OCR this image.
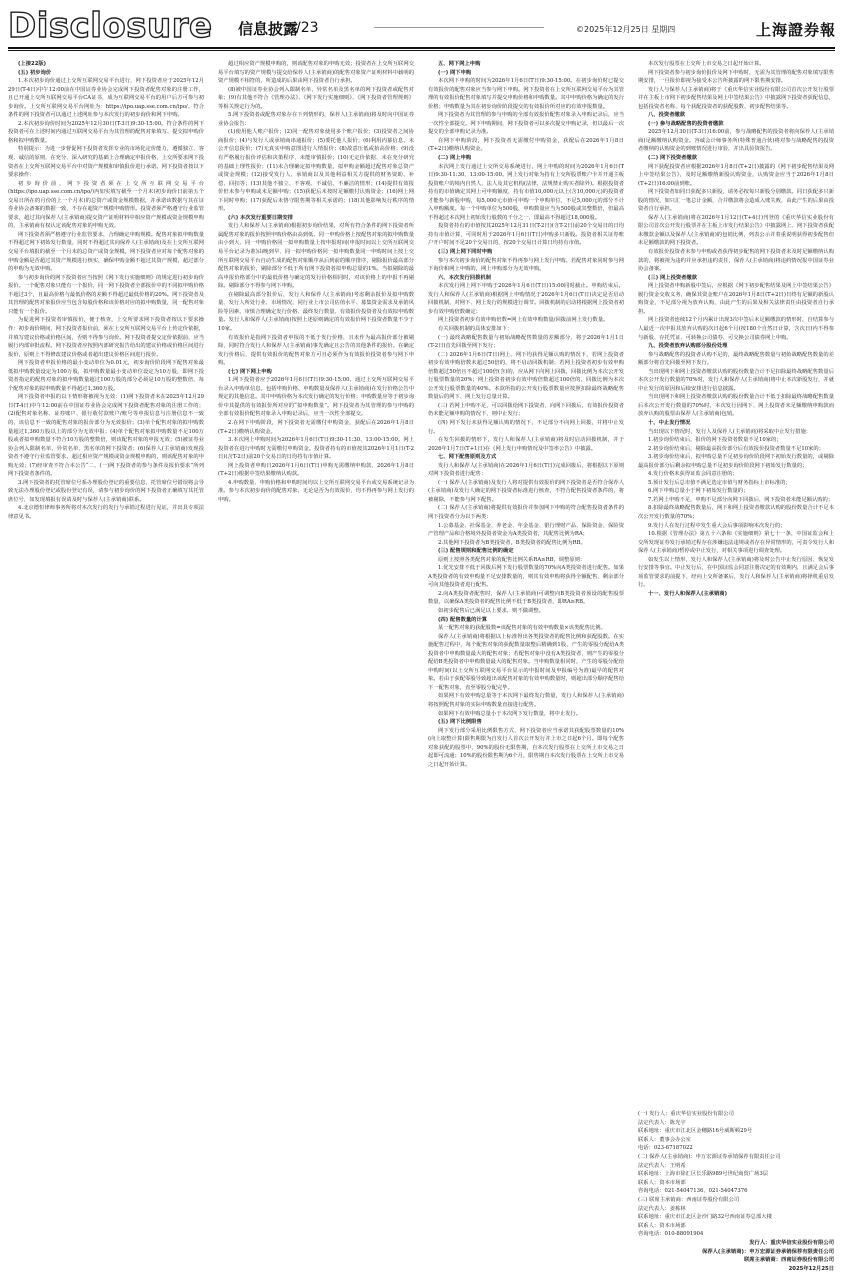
Disclosure 信息披露
/23	©2025年12月25日 星期四	上海證券報

(上接22版)

(五) 初步询价

1.本次初步询价通过上交所互联网交易平台进行，网下投资者应于2025年12月29日(T-4日)中午12:00前在中国证券业协会完成网下投资者配售对象的注册工作，且已开通上交所互联网交易平台CA证书，成为互联网交易平台的用户后方可参与初步询价。上交所互联网交易平台网址为：https://ipo.uap.sse.com.cn/ipo/。符合条件的网下投资者可以通过上述网址参与本次发行的初步询价和网下申购。

2.本次初步询价时间为2025年12月30日(T-3日)9:30-15:00。符合条件的网下投资者可在上述时间内通过互联网交易平台为其管理的配售对象填写、提交拟申购价格和拟申购数量。

特别提示：为进一步督促网下投资者发挥专业的市场化定价能力，遵循独立、客观、诚信的原则，在充分、深入研究的基础上合理确定申报价格，上交所要求网下投资者在上交所互联网交易平台中对资产规模和审慎报价进行承诺。网下投资者按以下要求操作：

初步询价前，网下投资者须在上交所互联网交易平台(https://ipo.uap.sse.com.cn/ipo/)内如实填写截至一个月末(初步询价日前第五个交易日所在的月份的上一个月末)的总资产或资金规模数据，并承诺该数据与其在证券业协会备案的数据一致，不存在超资产规模申购情形。投资者须严格遵守行业监管要求，超过其向保荐人(主承销商)提交资产证明材料中相应资产规模或资金规模申购的，主承销商有权认定该配售对象的申购无效。

网下投资者须严格遵守行业监管要求，合理确定申购规模。配售对象拟申购数量不得超过网下初始发行数量，同时不得超过其向保荐人(主承销商)及在上交所互联网交易平台填报的截至一个月末的总资产或资金规模。网下投资者应对每个配售对象的申购金额是否超过其资产规模进行核实，确保申购金额不超过其资产规模，超过部分的申购为无效申购。

参与初步询价的网下投资者应当按照《网下发行实施细则》的规定进行初步询价报价。一个配售对象只能有一个报价，同一网下投资者全部报价中的不同拟申购价格不超过3个，且最高价格与最低价格的差额不得超过最低价格的20%。网下投资者及其管理的配售对象报价应当包含每股价格和该价格对应的拟申购数量，同一配售对象只能有一个报价。

为促进网下投资者审慎报价，便于核查，上交所要求网下投资者按以下要求操作：初步询价期间，网下投资者报价前，须在上交所互联网交易平台上传定价依据，并填写建议价格或价格区间，否则不得参与询价。网下投资者提交定价依据前，应当履行内部审批流程。网下投资者应按照内部研究报告给出的建议价格或价格区间进行报价，原则上不得修改建议价格或者超出建议价格区间进行报价。

网下投资者申报价格的最小变动单位为0.01元，初步询价阶段网下配售对象最低拟申购数量设定为100万股，拟申购数量最小变动单位设定为10万股，即网下投资者指定的配售对象的拟申购数量超过100万股的部分必须是10万股的整数倍，每个配售对象的拟申购数量不得超过1,360万股。

网下投资者申报的以下情形将被视为无效：(1)网下投资者未在2025年12月29日(T-4日)中午12:00前在中国证券业协会完成网下投资者配售对象的注册工作的；(2)配售对象名称、证券账户、银行收付款账户/账号等申报信息与注册信息不一致的，该信息不一致的配售对象的报价部分为无效报价；(3)单个配售对象的拟申购数量超过1,360万股以上的部分为无效申报；(4)单个配售对象拟申购数量不足100万股或者拟申购数量不符合10万股的整数倍，则该配售对象的申报无效；(5)被证券业协会列入限制名单、异常名单、黑名单的网下投资者；(6)保荐人(主承销商)发现投资者不遵守行业监管要求、超过相应资产规模或资金规模申购的，则该配售对象的申购无效；(7)经审查不符合本公告“二、(一)网下投资者的参与条件及报价要求”所列网下投资者条件的。

3.网下投资者的托管席位号系办理股份登记的重要信息，托管席位号错误将会导致无法办理股份登记或股份登记有误，请参与初步询价的网下投资者正确填写其托管席位号，如发现填报有误请及时与保荐人(主承销商)联系。

4.北京德恒律师事务所将对本次发行的发行与承销过程进行见证，并出具专项法律意见书。

超过相应资产规模申购的，则该配售对象的申购无效；投资者在上交所互联网交易平台填写的资产规模与提交给保荐人(主承销商)的配售对象资产证明材料中载明的资产规模不相符的，所造成的后果由网下投资者自行承担。

(8)被中国证券业协会列入限制名单、异常名单及黑名单的网下投资者或配售对象；(9)有其他不符合《管理办法》、《网下发行实施细则》、《网下投资者管理规则》等相关规定行为的。

5.网下投资者或配售对象存在下列情形的，保荐人(主承销商)将及时向中国证券业协会报告：

(1)使用他人账户报价；(2)同一配售对象使用多个账户报价；(3)投资者之间协商报价；(4)与发行人或承销商串通报价；(5)委托他人报价；(6)利用内幕信息、未公开信息报价；(7)无真实申购意图进行人情报价；(8)故意压低或抬高价格；(9)没有严格履行报价评估和决策程序、未能审慎报价；(10)无定价依据、未在充分研究的基础上理性报价；(11)未合理确定拟申购数量，拟申购金额超过配售对象总资产或资金规模；(12)接受发行人、承销商以及其他利益相关方提供的财务资助、补偿、回扣等；(13)其他不独立、不客观、不诚信、不廉洁的情形；(14)提供有效报价但未参与申购或未足额申购；(15)获配后未按时足额缴付认购资金；(16)网上网下同时申购；(17)获配后未恪守限售期等相关承诺的；(18)其他影响发行秩序的情形。

(六) 本次发行重要日期安排

发行人和保荐人(主承销商)根据初步询价结果，对所有符合条件的网下投资者所属配售对象的报价按照申购价格由高到低、同一申购价格上按配售对象的拟申购数量由小到大、同一申购价格同一拟申购数量上按申报时间(申报时间以上交所互联网交易平台记录为准)由晚到早、同一拟申购价格同一拟申购数量同一申购时间上按上交所互联网交易平台自动生成的配售对象顺序从后到前的顺序排序，剔除报价最高部分配售对象的报价，剔除部分不低于所有网下投资者拟申购总量的1%。当拟剔除的最高申报价格部分中的最低价格与确定的发行价格相同时，对该价格上的申报不再剔除。剔除部分不得参与网下申购。

在剔除最高部分报价后，发行人和保荐人(主承销商)考虑剩余报价及拟申购数量、发行人所处行业、市场情况、同行业上市公司估值水平、募集资金需求及承销风险等因素，审慎合理确定发行价格、最终发行数量、有效报价投资者及有效拟申购数量。发行人和保荐人(主承销商)按照上述原则确定的有效报价网下投资者数量不少于10家。

有效报价是指网下投资者申报的不低于发行价格，且未作为最高报价部分被剔除，同时符合发行人和保荐人(主承销商)事先确定且公告的其他条件的报价。在确定发行价格后，提供有效报价的配售对象方可且必须作为有效报价投资者参与网下申购。

(七) 网下网上申购

1.网下投资者应于2026年1月6日(T日)9:30-15:00，通过上交所互联网交易平台录入申购单信息，包括申购价格、申购数量及保荐人(主承销商)在发行价格公告中规定的其他信息。其中申购价格为本次发行确定的发行价格；申购数量应等于初步询价中其提供的有效报价所对应的“拟申购数量”。网下投资者为其管理的参与申购的全部有效报价配售对象录入申购记录后，应当一次性全部提交。

2.在网下申购阶段，网下投资者无需缴付申购资金，获配后在2026年1月8日(T+2日)缴纳认购资金。

3.本次网上申购时间为2026年1月6日(T日)9:30-11:30、13:00-15:00。网上投资者在进行申购时无需缴付申购资金。投资者持有的市值按其2026年1月1日(T-2日)(含T-2日)前20个交易日的日均持有市值计算。

网上投资者申购日2026年1月6日(T日)申购无需缴纳申购款，2026年1月8日(T+2日)根据中签结果缴纳认购款。

4.申购数量、申购价格和申购时间均以上交所互联网交易平台或交易系统记录为准。参与本次初步询价的配售对象，无论是否为有效报价，均不得再参与网上发行的申购。

五、网下网上申购

(一) 网下申购

本次网下申购的时间为2026年1月6日(T日)9:30-15:00。在初步询价时已提交有效报价的配售对象应当参与网下申购。网下投资者在上交所互联网交易平台为其管理的有效报价配售对象填写并提交申购价格和申购数量。其中申购价格为确定的发行价格；申购数量为其在初步询价阶段提交的有效报价所对应的有效申报数量。

网下投资者为其管理的参与申购的全部有效报价配售对象录入申购记录后，应当一次性全部提交。网下申购期间，网下投资者可以多次提交申购记录，但以最后一次提交的全部申购记录为准。

在网下申购阶段，网下投资者无需缴付申购资金，获配后在2026年1月8日(T+2日)缴纳认购资金。

(二) 网上申购

本次网上发行通过上交所交易系统进行，网上申购的时间为2026年1月6日(T日)9:30-11:30、13:00-15:00。网上发行对象为持有上交所股票账户卡并开通主板投资账户的境内自然人、法人及其它机构(法律、法规禁止购买者除外)。根据投资者持有的市值确定其网上可申购额度，持有市值10,000元以上(含10,000元)的投资者才能参与新股申购，每5,000元市值可申购一个申购单位，不足5,000元的部分不计入申购额度。每一个申购单位为500股，申购数量应当为500股或其整数倍，但最高不得超过本次网上初始发行股数的千分之一，即最高不得超过18,000股。

投资者持有的市值按其2025年12月31日(T-2日)(含T-2日)前20个交易日的日均持有市值计算，可同时用于2026年1月6日(T日)申购多只新股。投资者相关证券账户开户时间不足20个交易日的，按20个交易日计算日均持有市值。

(三) 网上网下同时申购

参与本次初步询价的配售对象不得再参与网上发行申购。若配售对象同时参与网下询价和网上申购的，网上申购部分为无效申购。

六、本次发行回拨机制

本次发行网上网下申购于2026年1月6日(T日)15:00同时截止。申购结束后，发行人和保荐人(主承销商)根据网上申购情况于2026年1月6日(T日)决定是否启动回拨机制，对网下、网上发行的规模进行调节。回拨机制的启动将根据网上投资者初步有效申购倍数确定：

网上投资者初步有效申购倍数=网上有效申购数量/回拨前网上发行数量。

有关回拨机制的具体安排如下：

(一) 最终战略配售数量与初始战略配售数量的差额部分，将于2026年1月1日(T-2日)首先回拨至网下发行；

(二) 2026年1月6日(T日)网上、网下均获得足额认购的情况下，若网上投资者初步有效申购倍数未超过50倍的，将不启动回拨机制；若网上投资者初步有效申购倍数超过50倍且不超过100倍(含)的，应从网下向网上回拨，回拨比例为本次公开发行股票数量的20%；网上投资者初步有效申购倍数超过100倍的，回拨比例为本次公开发行股票数量的40%。本款所指的公开发行股票数量应按照扣除最终战略配售数量后的网下、网上发行总量计算。

(三) 若网上申购不足，可以回拨给网下投资者，向网下回拨后，有效报价投资者仍未能足额申购的情况下，则中止发行；

(四) 网下发行未获得足额认购的情况下，不足部分不向网上回拨，并将中止发行。

在发生回拨的情形下，发行人和保荐人(主承销商)将及时启动回拨机制，并于2026年1月7日(T+1日)在《网上发行申购情况及中签率公告》中披露。

七、网下配售原则及方式

发行人和保荐人(主承销商)在2026年1月6日(T日)完成回拨后，将根据以下原则对网下投资者进行配售：

(一) 保荐人(主承销商)及发行人将对提供有效报价的网下投资者是否符合保荐人(主承销商)及发行人确定的网下投资者标准进行核查，不符合配售投资者条件的，将被剔除，不能参与网下配售。

(二) 保荐人(主承销商)将提供有效报价并参加网下申购的符合配售投资者条件的网下投资者分为以下两类：

1.公募基金、社保基金、养老金、年金基金、银行理财产品、保险资金、保险资产管理产品和合格境外投资者资金为A类投资者，其配售比例为RA；

2.其他网下投资者为B类投资者，B类投资者的配售比例为RB。

(三) 配售规则和配售比例的确定

原则上按照各类配售对象的配售比例关系RA≥RB，调整原则：

1.优先安排不低于回拨后网下发行股票数量的70%向A类投资者进行配售。如果A类投资者的有效申购量不足安排数量的，则其有效申购将获得全额配售，剩余部分可向其他投资者进行配售。

2.向A类投资者配售时，保荐人(主承销商)可调整向B类投资者预设的配售股票数量，以确保A类投资者的配售比例不低于B类投资者，即RA≥RB。

如初步配售后已满足以上要求，则不做调整。

(四) 配售数量的计算

某一配售对象的获配股数=该配售对象的有效申购数量×该类配售比例。

保荐人(主承销商)将根据以上标准得出各类投资者的配售比例和获配股数。在实施配售过程中，每个配售对象的获配数量取整后精确到1股，产生的零股分配给A类投资者中申购数量最大的配售对象；若配售对象中没有A类投资者，则产生的零股分配给B类投资者中申购数量最大的配售对象。当申购数量相同时，产生的零股分配给申购时间(以上交所互联网交易平台显示的申报时间及申报编号为准)最早的配售对象。若由于获配零股导致超出该配售对象的有效申购数量时，则超出部分顺序配售给下一配售对象，直至零股分配完毕。

如果网下有效申购总量等于本次网下最终发行数量，发行人和保荐人(主承销商)将按照配售对象的实际申购数量直接进行配售。

如果网下有效申购总量小于本次网下发行数量，将中止发行。

(五) 网下比例限售

网下发行部分采用比例限售方式，网下投资者应当承诺其获配股票数量的10%(向上取整计算)限售期限为自发行人首次公开发行并上市之日起6个月。即每个配售对象获配的股票中，90%的股份无限售期，自本次发行股票在上交所上市交易之日起即可流通；10%的股份限售期为6个月，限售期自本次发行股票在上交所上市交易之日起开始计算。

本次发行股票在上交所上市交易之日起开始计算。

网下投资者参与初步询价报价及网下申购时，无需为其管理的配售对象填写限售期安排，一旦报价即视为接受本公告所披露的网下限售期安排。

发行人与保荐人(主承销商)将于《重庆华信实业股份有限公司首次公开发行股票并在主板上市网下初步配售结果及网上中签结果公告》中披露网下投资者获配信息，包括投资者名称、每个获配投资者的获配股数、初步配售结果等。

八、投资者缴款

(一) 参与战略配售的投资者缴款

2025年12月30日(T-3日)16:00前，参与战略配售的投资者将向保荐人(主承销商)足额缴纳认购资金。容诚会计师事务所(特殊普通合伙)将对参与战略配售的投资者缴纳的认购资金的到账情况进行审验，并出具验资报告。

(二) 网下投资者缴款

网下获配投资者应根据2026年1月8日(T+2日)披露的《网下初步配售结果及网上中签结果公告》，及时足额缴纳新股认购资金，认购资金应当于2026年1月8日(T+2日)16:00前到账。

网下投资者如同日获配多只新股，请务必按每只新股分别缴款。同日获配多只新股的情况，如只汇一笔总计金额，合并缴款将会造成入账失败，由此产生的后果由投资者自行承担。

保荐人(主承销商)将在2026年1月12日(T+4日)刊登的《重庆华信实业股份有限公司首次公开发行股票并在主板上市发行结果公告》中披露网上、网下投资者获配未缴款金额以及保荐人(主承销商)的包销比例，列表公示并着重说明获得初步配售但未足额缴款的网下投资者。

有效报价投资者未参与申购或者获得初步配售的网下投资者未及时足额缴纳认购款的，将被视为违约并应承担违约责任，保荐人(主承销商)将违约情况报中国证券业协会备案。

(三) 网上投资者缴款

网上投资者申购新股中签后，应根据《网下初步配售结果及网上中签结果公告》履行资金交收义务，确保其资金账户在2026年1月8日(T+2日)日终有足额的新股认购资金，不足部分视为放弃认购，由此产生的后果及相关法律责任由投资者自行承担。

网上投资者连续12个月内累计出现3次中签后未足额缴款的情形时，自结算参与人最近一次申报其放弃认购的次日起6个月(按180个自然日计算，含次日)内不得参与新股、存托凭证、可转换公司债券、可交换公司债券网上申购。

九、投资者放弃认购部分股份处理

参与战略配售的投资者认购不足的，最终战略配售数量与初始战略配售数量的差额部分将首先回拨至网下发行。

当出现网下和网上投资者缴款认购的股份数量合计不足扣除最终战略配售数量后本次公开发行数量的70%时，发行人和保荐人(主承销商)将中止本次新股发行，并就中止发行的原因和后续安排进行信息披露。

当出现网下和网上投资者缴款认购的股份数量合计不低于扣除最终战略配售数量后本次公开发行数量的70%时，本次发行因网下、网上投资者未足额缴纳申购款而放弃认购的股票由保荐人(主承销商)包销。

十、中止发行情况

当出现以下情况时，发行人及保荐人(主承销商)将采取中止发行措施：

1.初步询价结束后，报价的网下投资者数量不足10家的；

2.初步询价结束后，剔除最高报价部分后有效报价投资者数量不足10家的；

3.初步询价结束后，拟申购总量不足初步询价阶段网下初始发行数量的，或剔除最高报价部分后剩余拟申购总量不足初步询价阶段网下初始发行数量的；

4.发行价格未获得证监会同意注册的；

5.预计发行后总市值不满足选定市值与财务指标上市标准的；

6.网下申购总量小于网下初始发行数量的；

7.若网上申购不足，申购不足部分向网下回拨后，网下投资者未能足额认购的；

8.扣除最终战略配售数量后，网下和网上投资者缴款认购的股份数量合计不足本次公开发行数量的70%；

9.发行人在发行过程中发生重大会后事项影响本次发行的；

10.根据《管理办法》第五十六条和《实施细则》第七十一条，中国证监会和上交所发现证券发行承销过程存在涉嫌违法违规或者存在异常情形的，可责令发行人和保荐人(主承销商)暂停或中止发行，对相关事项进行调查处理。

如发生以上情形，发行人和保荐人(主承销商)将及时公告中止发行原因、恢复发行安排等事宜。中止发行后，在中国证监会同意注册决定的有效期内，且满足会后事项监管要求的前提下，经向上交所备案后，发行人和保荐人(主承销商)将择机重启发行。

十一、发行人和保荐人(主承销商)

(一) 发行人：重庆华信实业股份有限公司
法定代表人：陈光宇
联系地址：重庆市江北区金穗路16号威斯顿29号
联系人：董事会办公室
电话：023-67187022
(二) 保荐人(主承销商)：申万宏源证券承销保荐有限责任公司
法定代表人：王明希
联系地址：上海市徐汇区长乐路989号世纪商贸广场3层
联系人：资本市场部
咨询电话：021-54047136、021-54047376
(三) 联席主承销商：西南证券股份有限公司
法定代表人：姜栋林
联系地址：重庆市江北区金沙门路32号西南证券总部大楼
联系人：资本市场部
咨询电话：010-88091904
发行人：重庆华信实业股份有限公司
保荐人(主承销商)：申万宏源证券承销保荐有限责任公司
联席主承销商：西南证券股份有限公司
2025年12月25日
